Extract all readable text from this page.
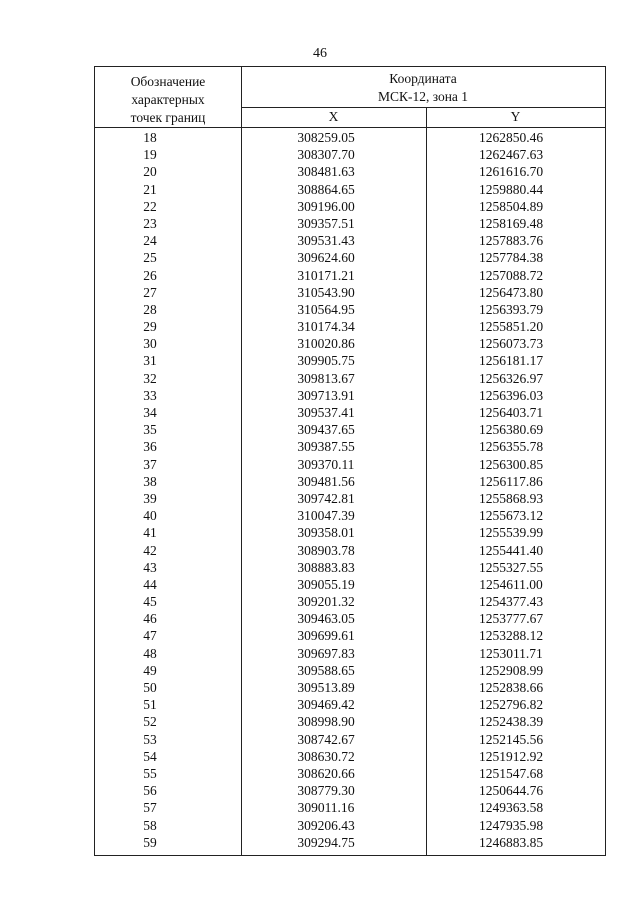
46
Обозначение
характерных
точек границ
Координата
МСК-12, зона 1
X	Y
18	308259.05	1262850.46
19	308307.70	1262467.63
20	308481.63	1261616.70
21	308864.65	1259880.44
22	309196.00	1258504.89
23	309357.51	1258169.48
24	309531.43	1257883.76
25	309624.60	1257784.38
26	310171.21	1257088.72
27	310543.90	1256473.80
28	310564.95	1256393.79
29	310174.34	1255851.20
30	310020.86	1256073.73
31	309905.75	1256181.17
32	309813.67	1256326.97
33	309713.91	1256396.03
34	309537.41	1256403.71
35	309437.65	1256380.69
36	309387.55	1256355.78
37	309370.11	1256300.85
38	309481.56	1256117.86
39	309742.81	1255868.93
40	310047.39	1255673.12
41	309358.01	1255539.99
42	308903.78	1255441.40
43	308883.83	1255327.55
44	309055.19	1254611.00
45	309201.32	1254377.43
46	309463.05	1253777.67
47	309699.61	1253288.12
48	309697.83	1253011.71
49	309588.65	1252908.99
50	309513.89	1252838.66
51	309469.42	1252796.82
52	308998.90	1252438.39
53	308742.67	1252145.56
54	308630.72	1251912.92
55	308620.66	1251547.68
56	308779.30	1250644.76
57	309011.16	1249363.58
58	309206.43	1247935.98
59	309294.75	1246883.85
